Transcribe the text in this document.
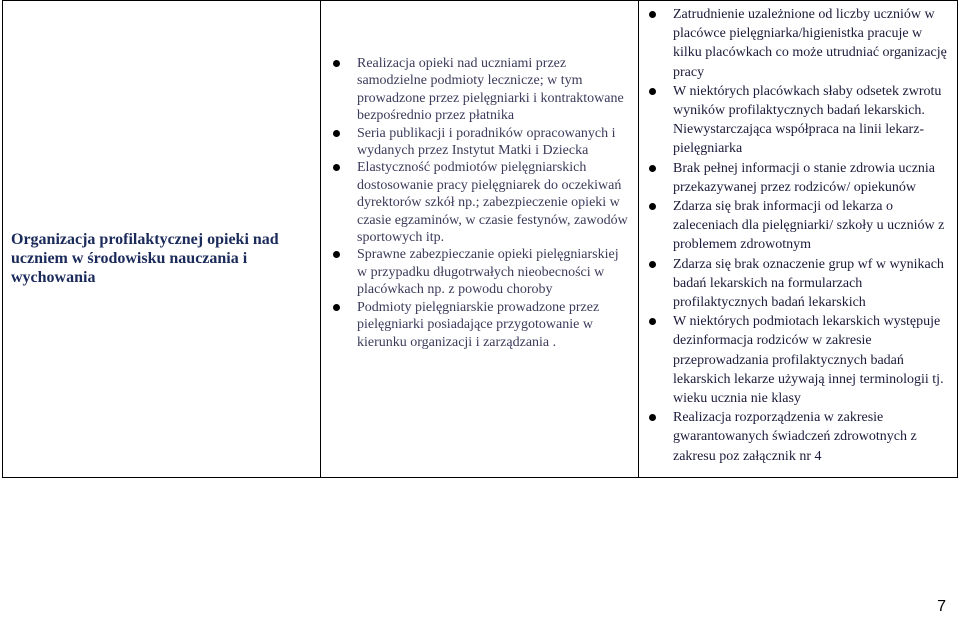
Organizacja profilaktycznej opieki nad uczniem w środowisku nauczania i wychowania
Realizacja opieki nad uczniami przez samodzielne podmioty lecznicze; w tym prowadzone przez pielęgniarki i kontraktowane bezpośrednio przez płatnika
Seria publikacji i poradników opracowanych i wydanych przez Instytut Matki i Dziecka
Elastyczność podmiotów pielęgniarskich dostosowanie pracy pielęgniarek do oczekiwań dyrektorów szkół np.; zabezpieczenie opieki w czasie egzaminów, w czasie festynów, zawodów sportowych itp.
Sprawne zabezpieczanie opieki pielęgniarskiej w przypadku długotrwałych nieobecności w placówkach np. z powodu choroby
Podmioty pielęgniarskie prowadzone przez pielęgniarki posiadające przygotowanie w kierunku organizacji i zarządzania .
Zatrudnienie uzależnione od liczby uczniów w placówce pielęgniarka/higienistka pracuje w kilku placówkach co może utrudniać organizację pracy
W niektórych placówkach słaby odsetek zwrotu wyników profilaktycznych badań lekarskich. Niewystarczająca współpraca na linii lekarz-pielęgniarka
Brak pełnej informacji o stanie zdrowia ucznia przekazywanej przez rodziców/ opiekunów
Zdarza się brak informacji od lekarza o zaleceniach dla pielęgniarki/ szkoły u uczniów z problemem zdrowotnym
Zdarza się brak oznaczenie grup wf w wynikach badań lekarskich na formularzach profilaktycznych badań lekarskich
W niektórych podmiotach lekarskich występuje dezinformacja rodziców w zakresie przeprowadzania profilaktycznych badań lekarskich lekarze używają innej terminologii tj. wieku ucznia nie klasy
Realizacja rozporządzenia w zakresie gwarantowanych świadczeń zdrowotnych z zakresu poz załącznik nr 4
7
